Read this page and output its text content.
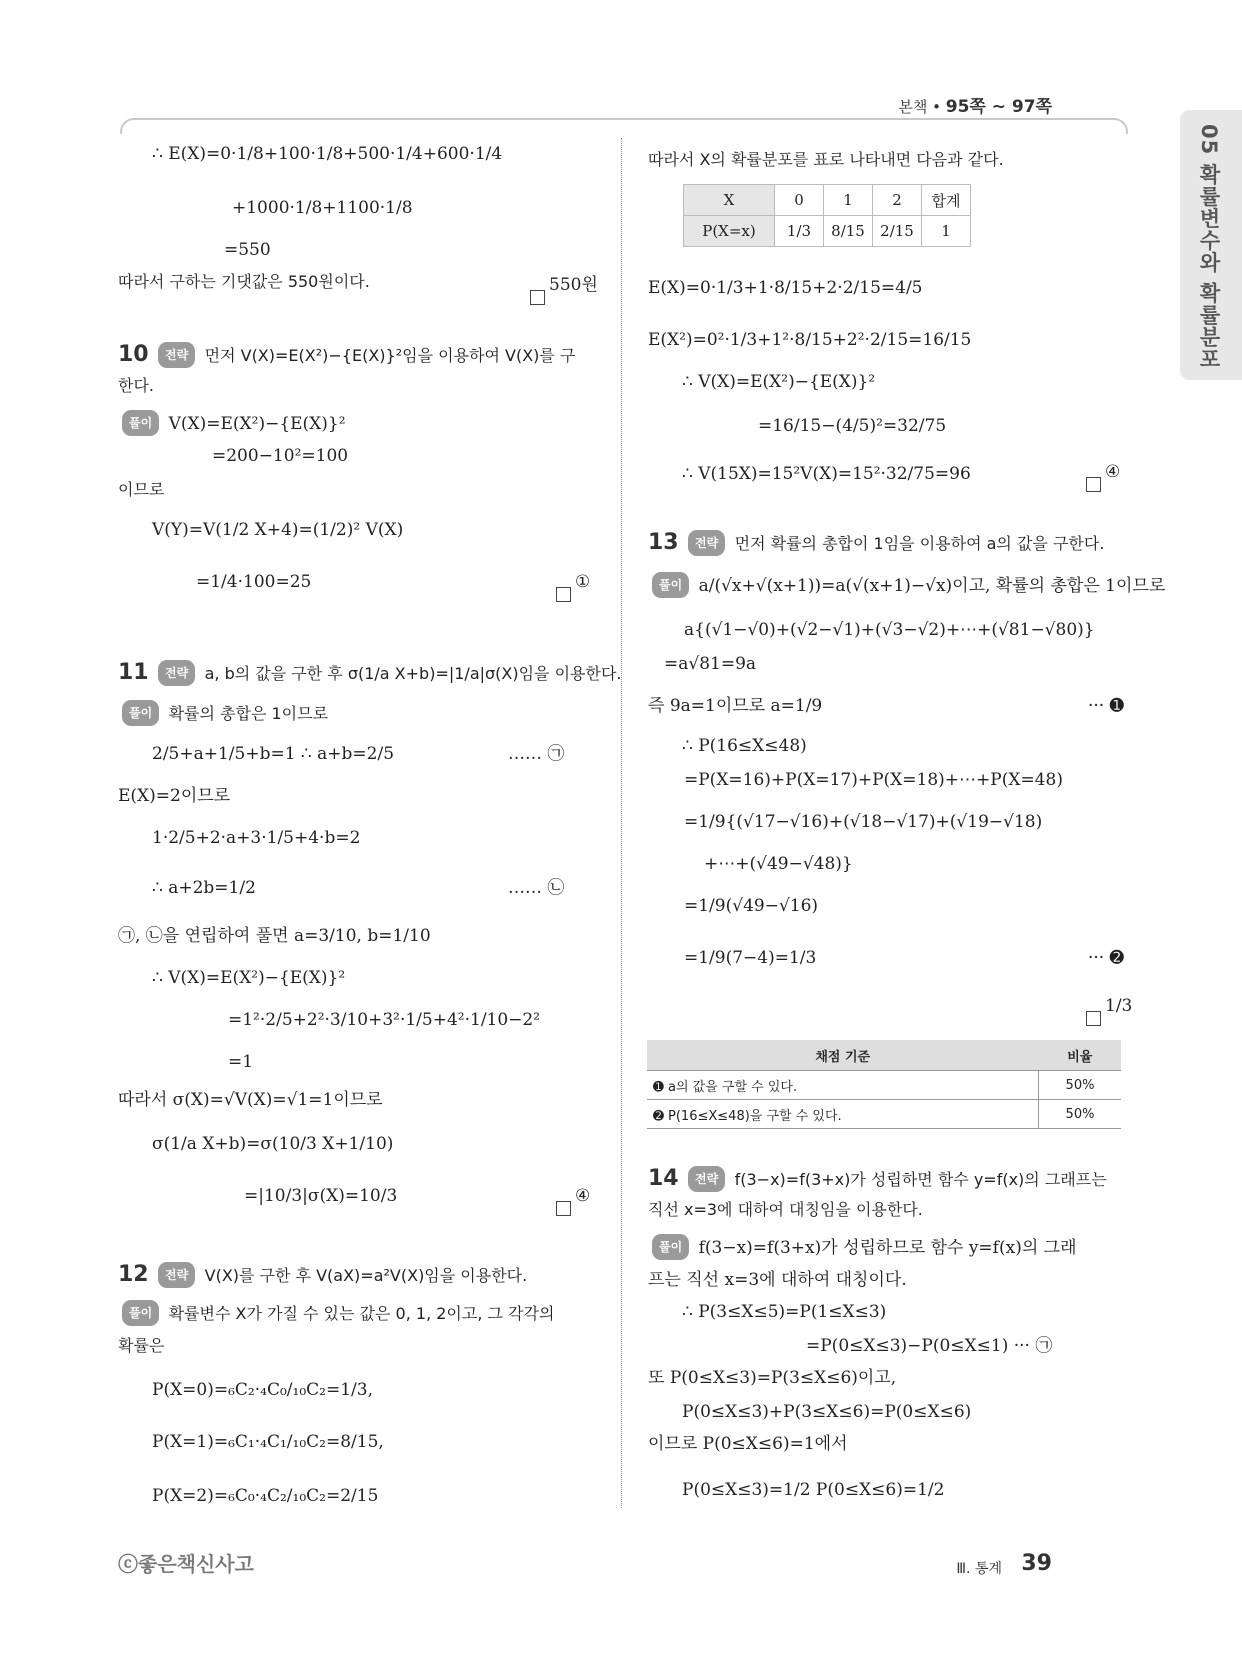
본책 • 95쪽 ~ 97쪽
05 확률변수와 확률분포
∴ E(X)=0·1/8+100·1/8+500·1/4+600·1/4
+1000·1/8+1100·1/8
=550
따라서 구하는 기댓값은 550원이다.	550원
10 전략 먼저 V(X)=E(X²)−{E(X)}²임을 이용하여 V(X)를 구
한다.
풀이 V(X)=E(X²)−{E(X)}²
=200−10²=100
이므로
V(Y)=V(1/2 X+4)=(1/2)² V(X)
=1/4·100=25	①
11 전략 a, b의 값을 구한 후 σ(1/a X+b)=|1/a|σ(X)임을 이용한다.
풀이 확률의 총합은 1이므로
2/5+a+1/5+b=1 ∴ a+b=2/5	…… ㉠
E(X)=2이므로
1·2/5+2·a+3·1/5+4·b=2
∴ a+2b=1/2	…… ㉡
㉠, ㉡을 연립하여 풀면 a=3/10, b=1/10
∴ V(X)=E(X²)−{E(X)}²
=1²·2/5+2²·3/10+3²·1/5+4²·1/10−2²
=1
따라서 σ(X)=√V(X)=√1=1이므로
σ(1/a X+b)=σ(10/3 X+1/10)
=|10/3|σ(X)=10/3	④
12 전략 V(X)를 구한 후 V(aX)=a²V(X)임을 이용한다.
풀이 확률변수 X가 가질 수 있는 값은 0, 1, 2이고, 그 각각의
확률은
P(X=0)=₆C₂·₄C₀/₁₀C₂=1/3,
P(X=1)=₆C₁·₄C₁/₁₀C₂=8/15,
P(X=2)=₆C₀·₄C₂/₁₀C₂=2/15
따라서 X의 확률분포를 표로 나타내면 다음과 같다.
X	0	1	2	합계
P(X=x)	1/3	8/15	2/15	1
E(X)=0·1/3+1·8/15+2·2/15=4/5
E(X²)=0²·1/3+1²·8/15+2²·2/15=16/15
∴ V(X)=E(X²)−{E(X)}²
=16/15−(4/5)²=32/75
∴ V(15X)=15²V(X)=15²·32/75=96	④
13 전략 먼저 확률의 총합이 1임을 이용하여 a의 값을 구한다.
풀이 a/(√x+√(x+1))=a(√(x+1)−√x)이고, 확률의 총합은 1이므로
a{(√1−√0)+(√2−√1)+(√3−√2)+⋯+(√81−√80)}
=a√81=9a
즉 9a=1이므로 a=1/9	··· ➊
∴ P(16≤X≤48)
=P(X=16)+P(X=17)+P(X=18)+⋯+P(X=48)
=1/9{(√17−√16)+(√18−√17)+(√19−√18)
+⋯+(√49−√48)}
=1/9(√49−√16)
=1/9(7−4)=1/3	··· ➋
1/3
채점 기준	비율
➊ a의 값을 구할 수 있다.	50%
➋ P(16≤X≤48)을 구할 수 있다.	50%
14 전략 f(3−x)=f(3+x)가 성립하면 함수 y=f(x)의 그래프는
직선 x=3에 대하여 대칭임을 이용한다.
풀이 f(3−x)=f(3+x)가 성립하므로 함수 y=f(x)의 그래
프는 직선 x=3에 대하여 대칭이다.
∴ P(3≤X≤5)=P(1≤X≤3)
=P(0≤X≤3)−P(0≤X≤1) ··· ㉠
또 P(0≤X≤3)=P(3≤X≤6)이고,
P(0≤X≤3)+P(3≤X≤6)=P(0≤X≤6)
이므로 P(0≤X≤6)=1에서
P(0≤X≤3)=1/2 P(0≤X≤6)=1/2
ⓒ좋은책신사고	Ⅲ. 통계 39
